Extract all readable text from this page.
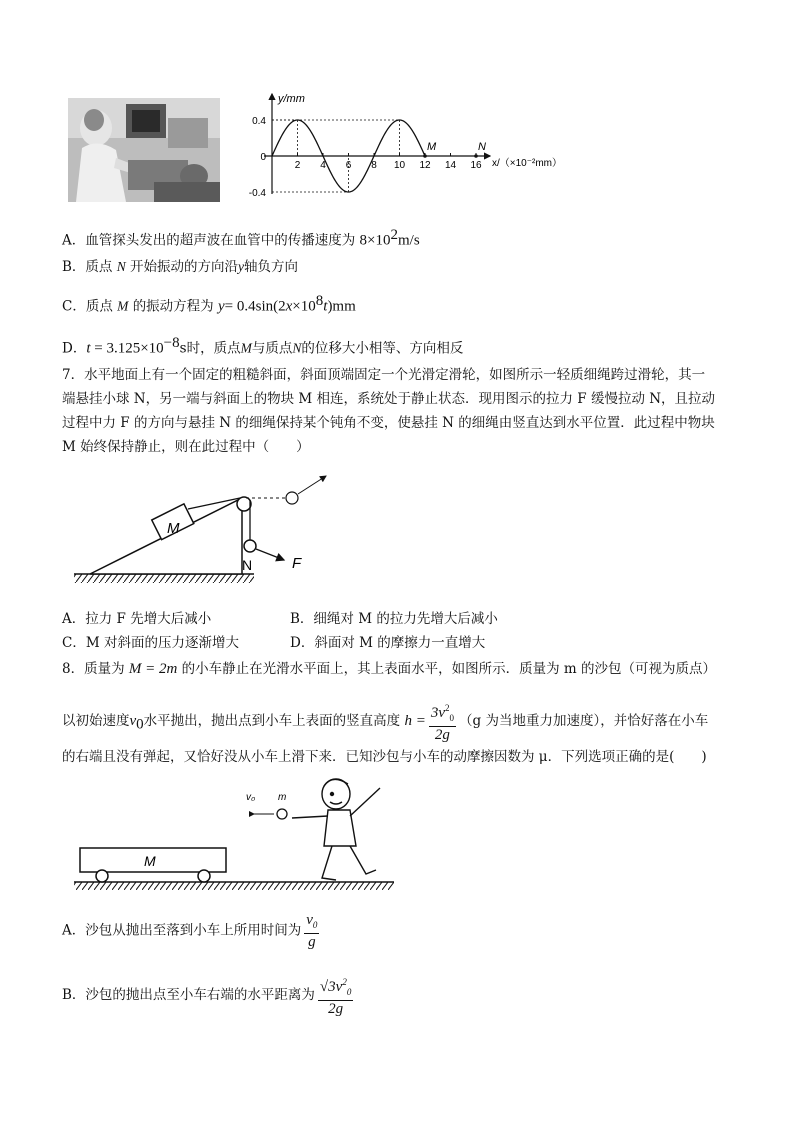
y/mm
x/（×10⁻²mm）
0.4
0
-0.4
2 4 6 8 10 12 14 16
M	N
A．血管探头发出的超声波在血管中的传播速度为 $8\times 10^2m/s$
B．质点 N 开始振动的方向沿y轴负方向
C．质点 M 的振动方程为 $y= 0.4\sin(2x\times 10^8t)mm$
D．$t = 3.125\times 10^{-8}s$时，质点M与质点N的位移大小相等、方向相反
7．水平地面上有一个固定的粗糙斜面，斜面顶端固定一个光滑定滑轮，如图所示一轻质细绳跨过滑轮，其一
端悬挂小球 N，另一端与斜面上的物块 M 相连，系统处于静止状态．现用图示的拉力 F 缓慢拉动 N，且拉动
过程中力 F 的方向与悬挂 N 的细绳保持某个钝角不变，使悬挂 N 的细绳由竖直达到水平位置．此过程中物块
M 始终保持静止，则在此过程中（　　）
M
N	F
A．拉力 F 先增大后减小	B．细绳对 M 的拉力先增大后减小
C．M 对斜面的压力逐渐增大	D．斜面对 M 的摩擦力一直增大
8．质量为 M = 2m 的小车静止在光滑水平面上，其上表面水平，如图所示．质量为 m 的沙包（可视为质点）
以初始速度$v_0$水平抛出，抛出点到小车上表面的竖直高度 $h = \frac{3v^2_0}{2g} (g$ 为当地重力加速度），并恰好落在小车
的右端且没有弹起，又恰好没从小车上滑下来．已知沙包与小车的动摩擦因数为 μ．下列选项正确的是(　　)
M
v₀ m
A．沙包从抛出至落到小车上所用时间为 $\frac{v_0}{g}$
B．沙包的抛出点至小车右端的水平距离为 $\frac{√3v^2_0}{2g}$
